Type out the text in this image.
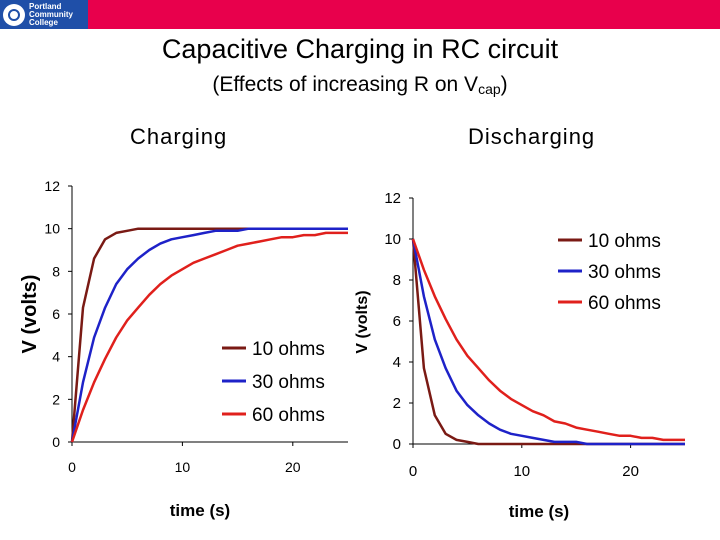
Portland
Community
College
Capacitive Charging in RC circuit
(Effects of increasing R on $V_{cap}$)
Charging	Discharging
0
2
4
6
8
10
12
0	10	20
time (s)
V (volts)	10 ohms
30 ohms
60 ohms
0
2
4
6
8
10
12
0	10	20
time (s)
V (volts)
10 ohms
30 ohms
60 ohms
